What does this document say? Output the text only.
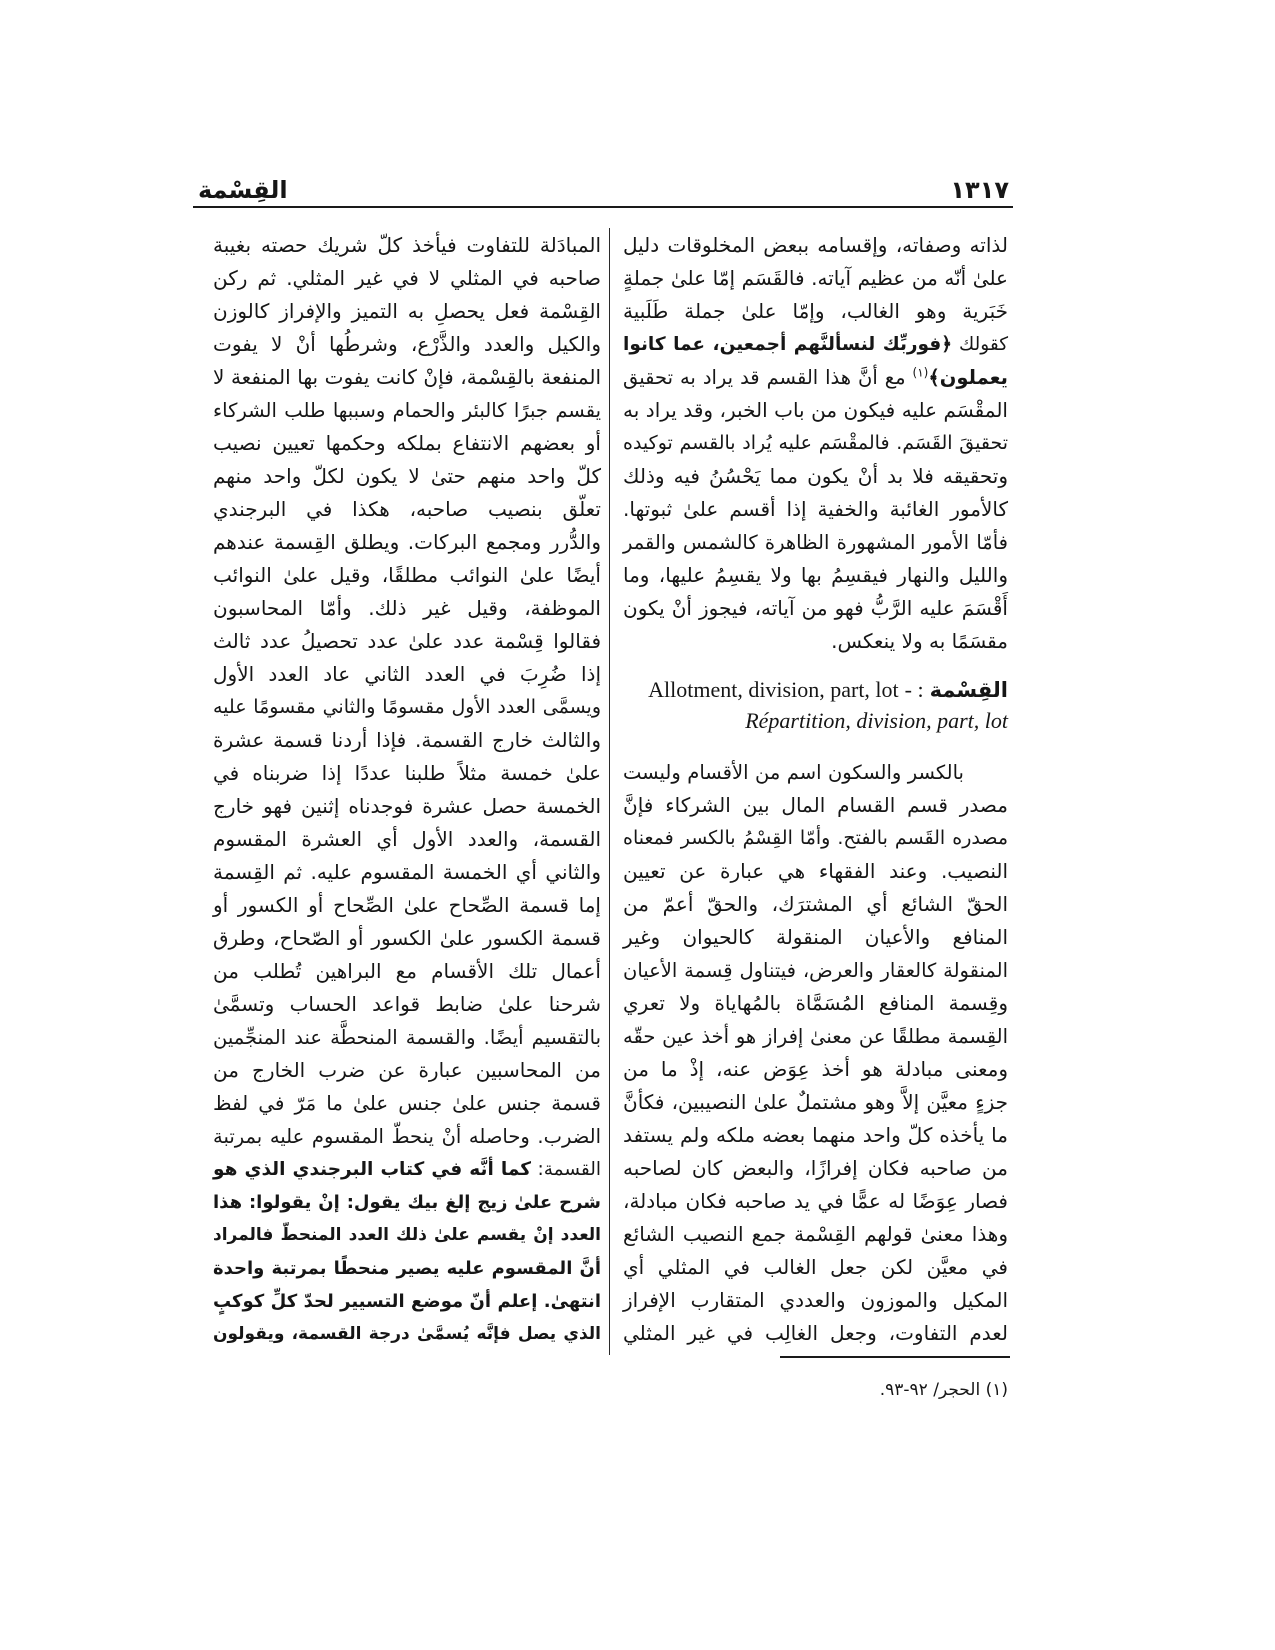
القِسْمة	١٣١٧
لذاته وصفاته، وإقسامه ببعض المخلوقات دليل
علىٰ أنّه من عظيم آياته. فالقَسَم إمّا علىٰ جملةٍ
خَبَرية وهو الغالب، وإمّا علىٰ جملة طَلَبية
كقولك ﴿فوربِّك لنسألنَّهم أجمعين، عما كانوا
يعملون﴾$^{(١)}$ مع أنَّ هذا القسم قد يراد به تحقيق
المقْسَم عليه فيكون من باب الخبر، وقد يراد به
تحقيقَ القَسَم. فالمقْسَم عليه يُراد بالقسم توكيده
وتحقيقه فلا بد أنْ يكون مما يَحْسُنُ فيه وذلك
كالأمور الغائبة والخفية إذا أقسم علىٰ ثبوتها.
فأمّا الأمور المشهورة الظاهرة كالشمس والقمر
والليل والنهار فيقسِمُ بها ولا يقسِمُ عليها، وما
أَقْسَمَ عليه الرَّبُّ فهو من آياته، فيجوز أنْ يكون
مقسَمًا به ولا ينعكس.
Allotment, division, part, lot - : القِسْمة
Répartition, division, part, lot
بالكسر والسكون اسم من الأقسام وليست
مصدر قسم القسام المال بين الشركاء فإنَّ
مصدره القَسم بالفتح. وأمّا القِسْمُ بالكسر فمعناه
النصيب. وعند الفقهاء هي عبارة عن تعيين
الحقّ الشائع أي المشترَك، والحقّ أعمّ من
المنافع والأعيان المنقولة كالحيوان وغير
المنقولة كالعقار والعرض، فيتناول قِسمة الأعيان
وقِسمة المنافع المُسَمَّاة بالمُهاياة ولا تعري
القِسمة مطلقًا عن معنىٰ إفراز هو أخذ عين حقّه
ومعنى مبادلة هو أخذ عِوَض عنه، إذْ ما من
جزءٍ معيَّن إلاَّ وهو مشتملٌ علىٰ النصيبين، فكأنَّ
ما يأخذه كلّ واحد منهما بعضه ملكه ولم يستفد
من صاحبه فكان إفرازًا، والبعض كان لصاحبه
فصار عِوَضًا له عمًّا في يد صاحبه فكان مبادلة،
وهذا معنىٰ قولهم القِسْمة جمع النصيب الشائع
في معيَّن لكن جعل الغالب في المثلي أي
المكيل والموزون والعددي المتقارب الإفراز
لعدم التفاوت، وجعل الغالِب في غير المثلي
المبادَلة للتفاوت فيأخذ كلّ شريك حصته بغيبة
صاحبه في المثلي لا في غير المثلي. ثم ركن
القِسْمة فعل يحصلِ به التميز والإفراز كالوزن
والكيل والعدد والذَّرْع، وشرطُها أنْ لا يفوت
المنفعة بالقِسْمة، فإنْ كانت يفوت بها المنفعة لا
يقسم جبرًا كالبئر والحمام وسببها طلب الشركاء
أو بعضهم الانتفاع بملكه وحكمها تعيين نصيب
كلّ واحد منهم حتىٰ لا يكون لكلّ واحد منهم
تعلّق بنصيب صاحبه، هكذا في البرجندي
والدُّرر ومجمع البركات. ويطلق القِسمة عندهم
أيضًا علىٰ النوائب مطلقًا، وقيل علىٰ النوائب
الموظفة، وقيل غير ذلك. وأمّا المحاسبون
فقالوا قِسْمة عدد علىٰ عدد تحصيلُ عدد ثالث
إذا ضُرِبَ في العدد الثاني عاد العدد الأول
ويسمَّى العدد الأول مقسومًا والثاني مقسومًا عليه
والثالث خارج القسمة. فإذا أردنا قسمة عشرة
علىٰ خمسة مثلاً طلبنا عددًا إذا ضربناه في
الخمسة حصل عشرة فوجدناه إثنين فهو خارج
القسمة، والعدد الأول أي العشرة المقسوم
والثاني أي الخمسة المقسوم عليه. ثم القِسمة
إما قسمة الصِّحاح علىٰ الصِّحاح أو الكسور أو
قسمة الكسور علىٰ الكسور أو الصّحاح، وطرق
أعمال تلك الأقسام مع البراهين تُطلب من
شرحنا علىٰ ضابط قواعد الحساب وتسمَّىٰ
بالتقسيم أيضًا. والقسمة المنحطَّة عند المنجِّمين
من المحاسبين عبارة عن ضرب الخارج من
قسمة جنس علىٰ جنس علىٰ ما مَرّ في لفظ
الضرب. وحاصله أنْ ينحطّ المقسوم عليه بمرتبة
القسمة: كما أنَّه في كتاب البرجندي الذي هو
شرح علىٰ زيج إلغ بيك يقول: إنْ يقولوا: هذا
العدد إنْ يقسم علىٰ ذلك العدد المنحطّ فالمراد
أنَّ المقسوم عليه يصير منحطًا بمرتبة واحدة
انتهىٰ. إعلم أنّ موضع التسيير لحدّ كلِّ كوكبٍ
الذي يصل فإنَّه يُسمَّىٰ درجة القسمة، ويقولون
(١) الحجر/ ٩٢-٩٣.
